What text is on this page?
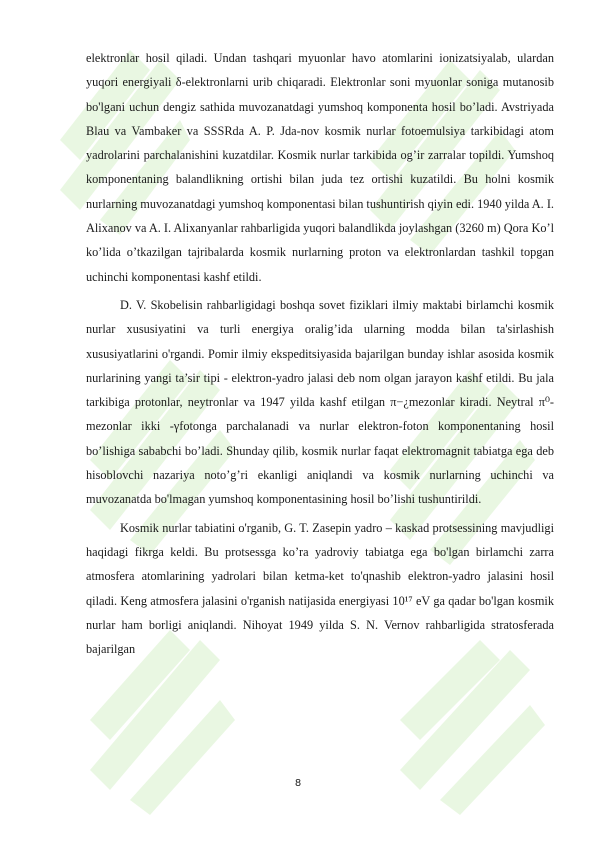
elektronlar hosil qiladi. Undan tashqari myuonlar havo atomlarini ionizatsiyalab, ulardan yuqori energiyali δ-elektronlarni urib chiqaradi. Elektronlar soni myuonlar soniga mutanosib bo'lgani uchun dengiz sathida muvozanatdagi yumshoq komponenta hosil bo’ladi. Avstriyada Blau va Vambaker va SSSRda A. P. Jda-nov kosmik nurlar fotoemulsiya tarkibidagi atom yadrolarini parchalanishini kuzatdilar. Kosmik nurlar tarkibida og’ir zarralar topildi. Yumshoq komponentaning balandlikning ortishi bilan juda tez ortishi kuzatildi. Bu holni kosmik nurlarning muvozanatdagi yumshoq komponentasi bilan tushuntirish qiyin edi. 1940 yilda A. I. Alixanov va A. I. Alixanyanlar rahbarligida yuqori balandlikda joylashgan (3260 m) Qora Ko’l ko’lida o’tkazilgan tajribalarda kosmik nurlarning proton va elektronlardan tashkil topgan uchinchi komponentasi kashf etildi.

D. V. Skobelisin rahbarligidagi boshqa sovet fiziklari ilmiy maktabi birlamchi kosmik nurlar xususiyatini va turli energiya oralig’ida ularning modda bilan ta'sirlashish xususiyatlarini o'rgandi. Pomir ilmiy ekspeditsiyasida bajarilgan bunday ishlar asosida kosmik nurlarining yangi ta’sir tipi - elektron-yadro jalasi deb nom olgan jarayon kashf etildi. Bu jala tarkibiga protonlar, neytronlar va 1947 yilda kashf etilgan π−¿mezonlar kiradi. Neytral π⁰-mezonlar ikki -γfotonga parchalanadi va nurlar elektron-foton komponentaning hosil bo’lishiga sababchi bo’ladi. Shunday qilib, kosmik nurlar faqat elektromagnit tabiatga ega deb hisoblovchi nazariya noto’g’ri ekanligi aniqlandi va kosmik nurlarning uchinchi va muvozanatda bo'lmagan yumshoq komponentasining hosil bo’lishi tushuntirildi.

Kosmik nurlar tabiatini o'rganib, G. T. Zasepin yadro – kaskad protsessining mavjudligi haqidagi fikrga keldi. Bu protsessga ko’ra yadroviy tabiatga ega bo'lgan birlamchi zarra atmosfera atomlarining yadrolari bilan ketma-ket to'qnashib elektron-yadro jalasini hosil qiladi. Keng atmosfera jalasini o'rganish natijasida energiyasi 10¹⁷ eV ga qadar bo'lgan kosmik nurlar ham borligi aniqlandi. Nihoyat 1949 yilda S. N. Vernov rahbarligida stratosferada bajarilgan

8
